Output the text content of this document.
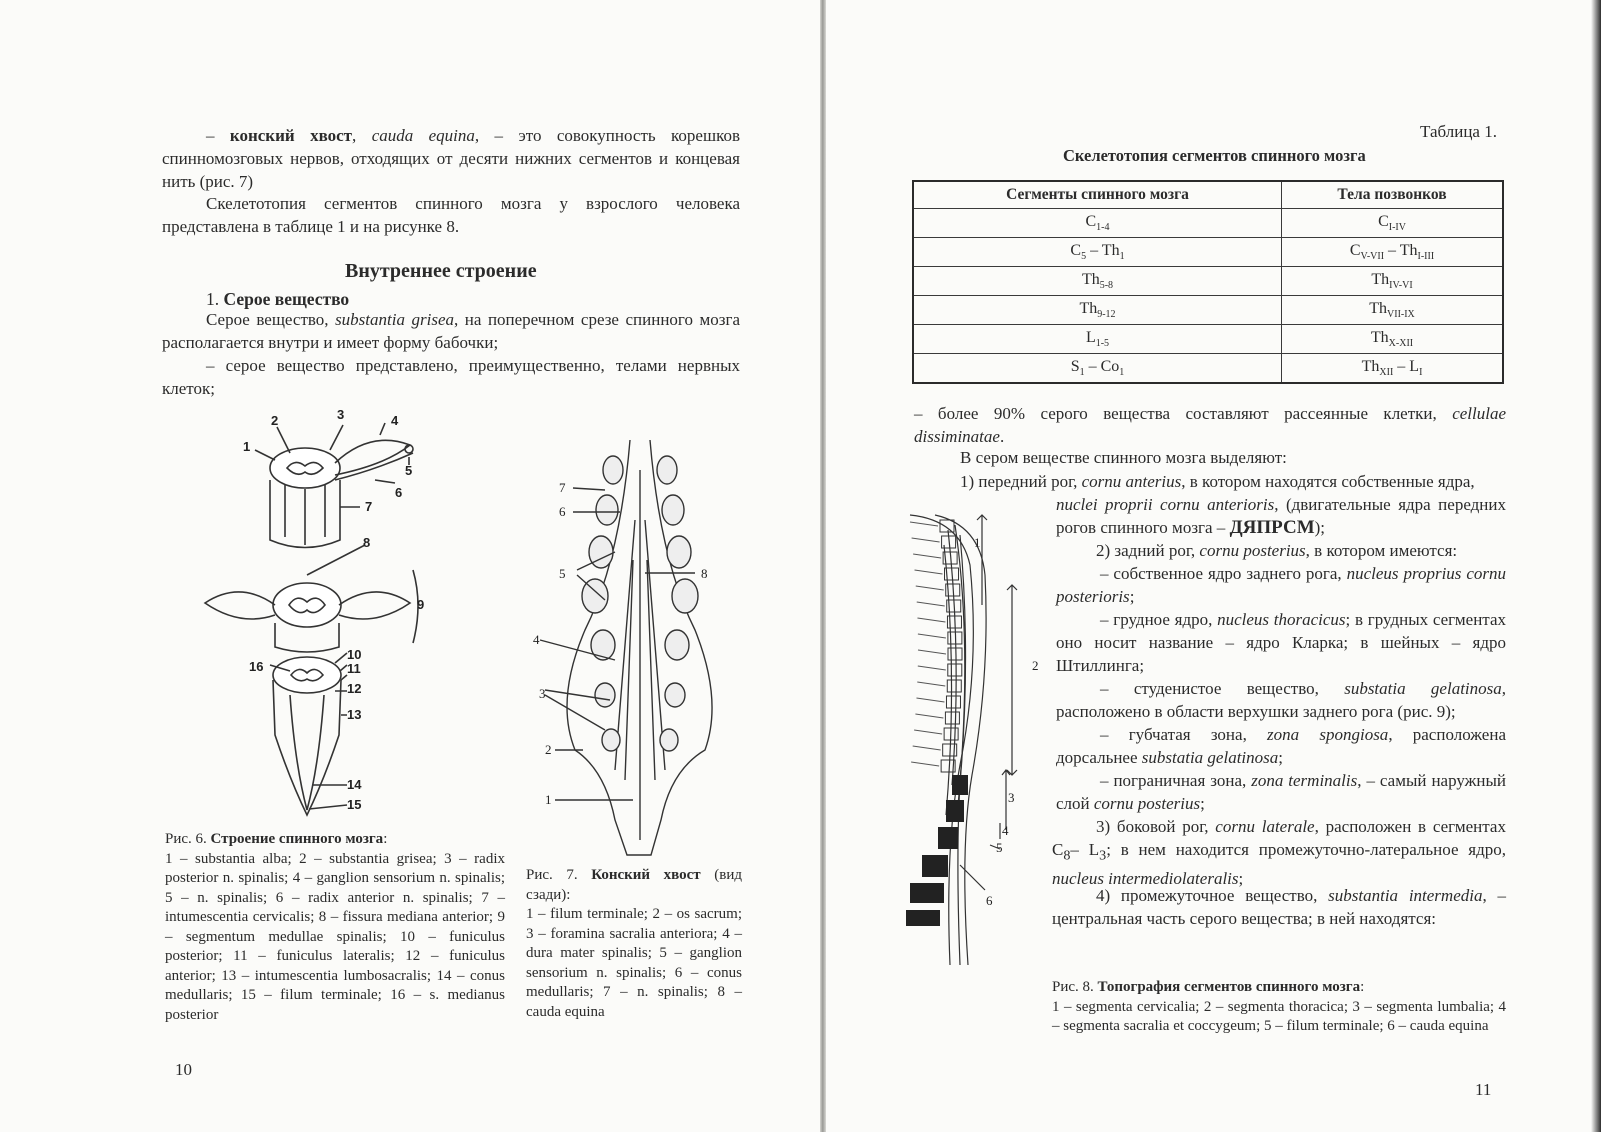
– конский хвост, cauda equina, – это совокупность корешков спинномозговых нервов, отходящих от десяти нижних сегментов и концевая нить (рис. 7)
Скелетотопия сегментов спинного мозга у взрослого человека представлена в таблице 1 и на рисунке 8.
Внутреннее строение
1. Серое вещество
Серое вещество, substantia grisea, на поперечном срезе спинного мозга располагается внутри и имеет форму бабочки;
– серое вещество представлено, преимущественно, телами нервных клеток;
1
2	3	4
5
6
7
8
9
10
11
12
13
14
15
16
7
6
5	8
4
3
2
1
Рис. 6. Строение спинного мозга:
1 – substantia alba; 2 – substantia grisea; 3 – radix posterior n. spinalis; 4 – ganglion sensorium n. spinalis; 5 – n. spinalis; 6 – radix anterior n. spinalis; 7 – intumescentia cervicalis; 8 – fissura mediana anterior; 9 – segmentum medullae spinalis; 10 – funiculus posterior; 11 – funiculus lateralis; 12 – funiculus anterior; 13 – intumescentia lumbosacralis; 14 – conus medullaris; 15 – filum terminale; 16 – s. medianus posterior
Рис. 7. Конский хвост (вид сзади):
1 – filum terminale; 2 – os sacrum; 3 – foramina sacralia anteriora; 4 – dura mater spinalis; 5 – ganglion sensorium n. spinalis; 6 – conus medullaris; 7 – n. spinalis; 8 – cauda equina
10
Таблица 1.
Скелетотопия сегментов спинного мозга
Сегменты спинного мозга	Тела позвонков
$C_{1-4}$	$C_{I-IV}$
$C_5 - Th_1$	$C_{V-VII} - Th_{I-III}$
$Th_{5-8}$	$Th_{IV-VI}$
$Th_{9-12}$	$Th_{VII-IX}$
$L_{1-5}$	$Th_{X-XII}$
$S_1 - Co_1$	$Th_{XII} - L_I$
– более 90% серого вещества составляют рассеянные клетки, cellulae dissiminatae.
В сером веществе спинного мозга выделяют:
1) передний рог, cornu anterius, в котором находятся собственные ядра,
nuclei proprii cornu anterioris, (двигательные ядра передних рогов спинного мозга – ДЯПРСМ);
2) задний рог, cornu posterius, в котором имеются:
– собственное ядро заднего рога, nucleus proprius cornu posterioris;
– грудное ядро, nucleus thoracicus; в грудных сегментах оно носит название – ядро Кларка; в шейных – ядро Штиллинга;
– студенистое вещество, substatia gelatinosa, расположено в области верхушки заднего рога (рис. 9);
– губчатая зона, zona spongiosa, расположена дорсальнее substatia gelatinosa;
– пограничная зона, zona terminalis, – самый наружный слой cornu posterius;
3) боковой рог, cornu laterale, расположен в сегментах $C_8-$ $L_3$; в нем находится промежуточно-латеральное ядро, nucleus intermediolateralis;
4) промежуточное вещество, substantia intermedia, – центральная часть серого вещества; в ней находятся:
1
2
3
4
5
6
Рис. 8. Топография сегментов спинного мозга:
1 – segmenta cervicalia; 2 – segmenta thoracica; 3 – segmenta lumbalia; 4 – segmenta sacralia et coccygeum; 5 – filum terminale; 6 – cauda equina
11
